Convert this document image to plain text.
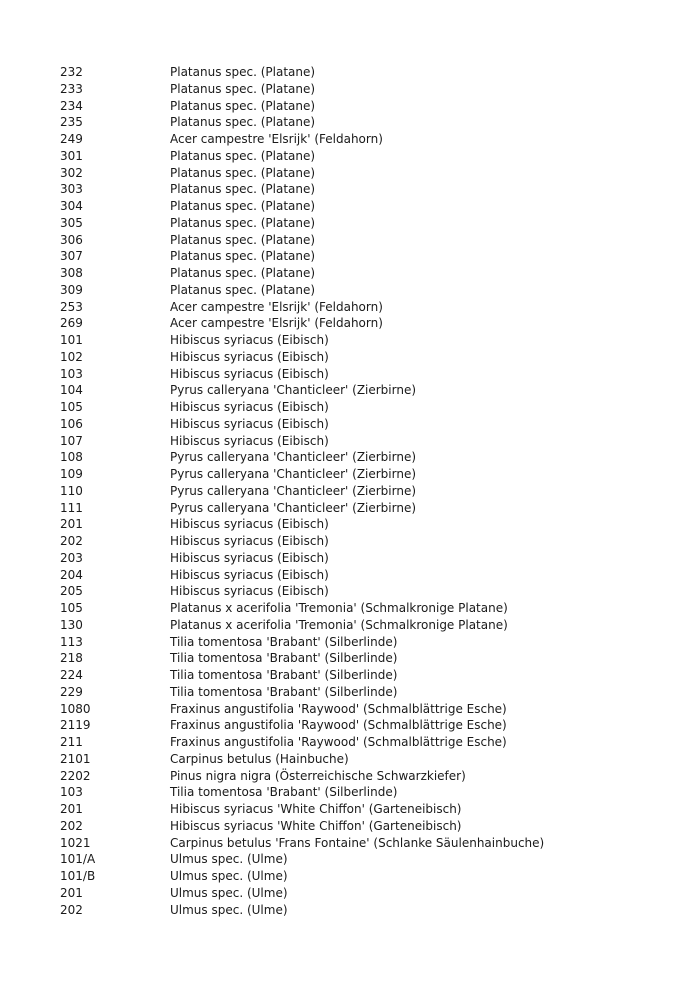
232	Platanus spec. (Platane)
233	Platanus spec. (Platane)
234	Platanus spec. (Platane)
235	Platanus spec. (Platane)
249	Acer campestre 'Elsrijk' (Feldahorn)
301	Platanus spec. (Platane)
302	Platanus spec. (Platane)
303	Platanus spec. (Platane)
304	Platanus spec. (Platane)
305	Platanus spec. (Platane)
306	Platanus spec. (Platane)
307	Platanus spec. (Platane)
308	Platanus spec. (Platane)
309	Platanus spec. (Platane)
253	Acer campestre 'Elsrijk' (Feldahorn)
269	Acer campestre 'Elsrijk' (Feldahorn)
101	Hibiscus syriacus (Eibisch)
102	Hibiscus syriacus (Eibisch)
103	Hibiscus syriacus (Eibisch)
104	Pyrus calleryana 'Chanticleer' (Zierbirne)
105	Hibiscus syriacus (Eibisch)
106	Hibiscus syriacus (Eibisch)
107	Hibiscus syriacus (Eibisch)
108	Pyrus calleryana 'Chanticleer' (Zierbirne)
109	Pyrus calleryana 'Chanticleer' (Zierbirne)
110	Pyrus calleryana 'Chanticleer' (Zierbirne)
111	Pyrus calleryana 'Chanticleer' (Zierbirne)
201	Hibiscus syriacus (Eibisch)
202	Hibiscus syriacus (Eibisch)
203	Hibiscus syriacus (Eibisch)
204	Hibiscus syriacus (Eibisch)
205	Hibiscus syriacus (Eibisch)
105	Platanus x acerifolia 'Tremonia' (Schmalkronige Platane)
130	Platanus x acerifolia 'Tremonia' (Schmalkronige Platane)
113	Tilia tomentosa 'Brabant' (Silberlinde)
218	Tilia tomentosa 'Brabant' (Silberlinde)
224	Tilia tomentosa 'Brabant' (Silberlinde)
229	Tilia tomentosa 'Brabant' (Silberlinde)
1080	Fraxinus angustifolia 'Raywood' (Schmalblättrige Esche)
2119	Fraxinus angustifolia 'Raywood' (Schmalblättrige Esche)
211	Fraxinus angustifolia 'Raywood' (Schmalblättrige Esche)
2101	Carpinus betulus (Hainbuche)
2202	Pinus nigra nigra (Österreichische Schwarzkiefer)
103	Tilia tomentosa 'Brabant' (Silberlinde)
201	Hibiscus syriacus 'White Chiffon' (Garteneibisch)
202	Hibiscus syriacus 'White Chiffon' (Garteneibisch)
1021	Carpinus betulus 'Frans Fontaine' (Schlanke Säulenhainbuche)
101/A	Ulmus spec. (Ulme)
101/B	Ulmus spec. (Ulme)
201	Ulmus spec. (Ulme)
202	Ulmus spec. (Ulme)
